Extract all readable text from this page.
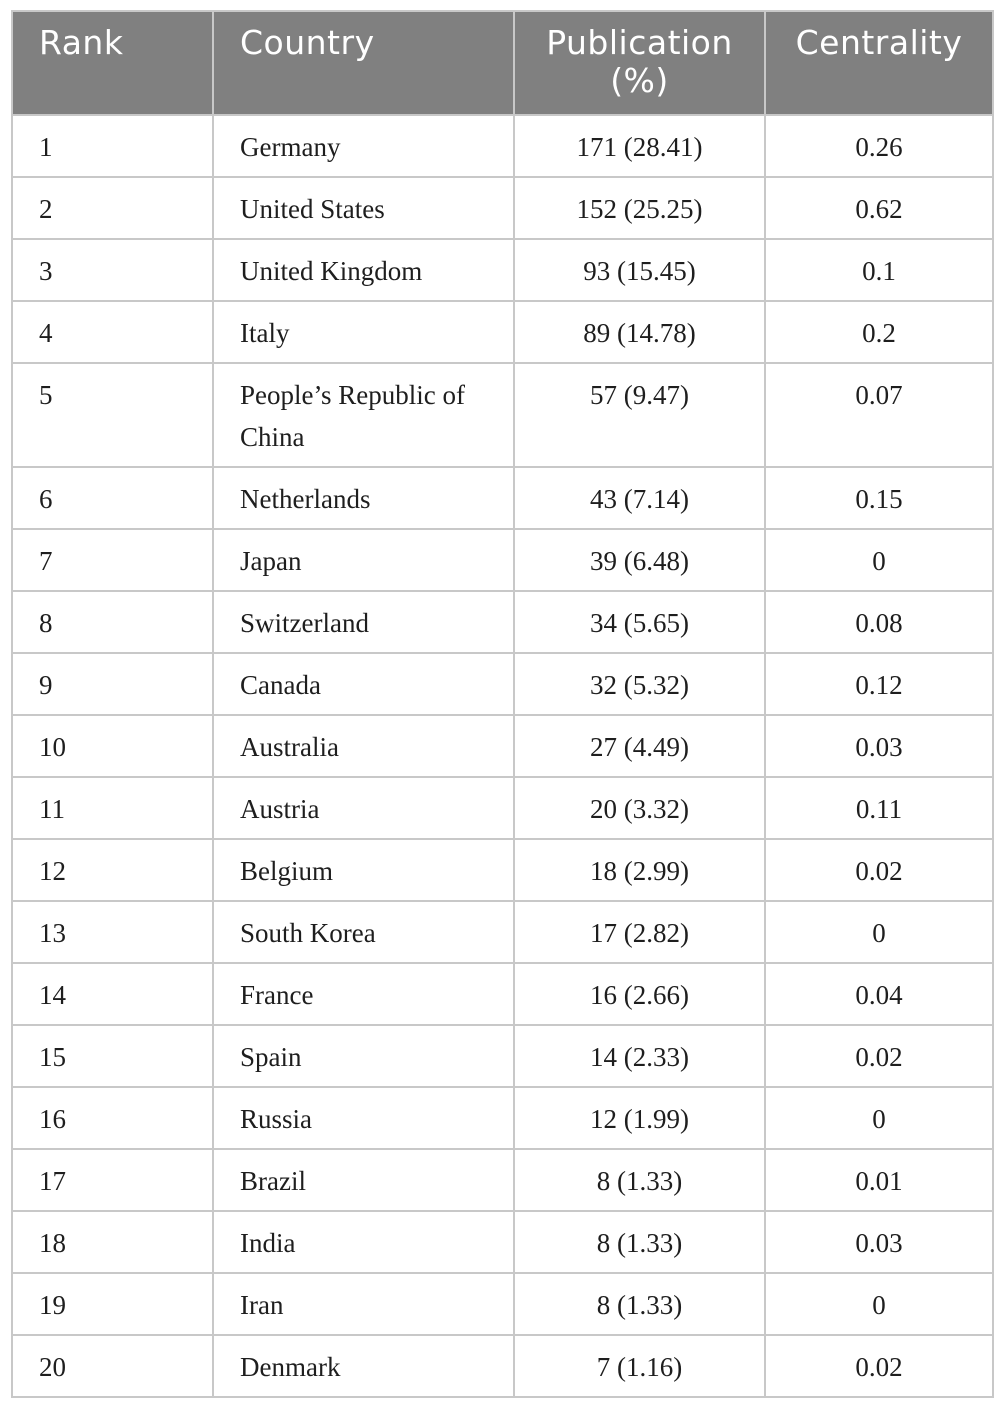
Rank	Country	Publication (%)	Centrality
1	Germany	171 (28.41)	0.26
2	United States	152 (25.25)	0.62
3	United Kingdom	93 (15.45)	0.1
4	Italy	89 (14.78)	0.2
5	People’s Republic of China	57 (9.47)	0.07
6	Netherlands	43 (7.14)	0.15
7	Japan	39 (6.48)	0
8	Switzerland	34 (5.65)	0.08
9	Canada	32 (5.32)	0.12
10	Australia	27 (4.49)	0.03
11	Austria	20 (3.32)	0.11
12	Belgium	18 (2.99)	0.02
13	South Korea	17 (2.82)	0
14	France	16 (2.66)	0.04
15	Spain	14 (2.33)	0.02
16	Russia	12 (1.99)	0
17	Brazil	8 (1.33)	0.01
18	India	8 (1.33)	0.03
19	Iran	8 (1.33)	0
20	Denmark	7 (1.16)	0.02
